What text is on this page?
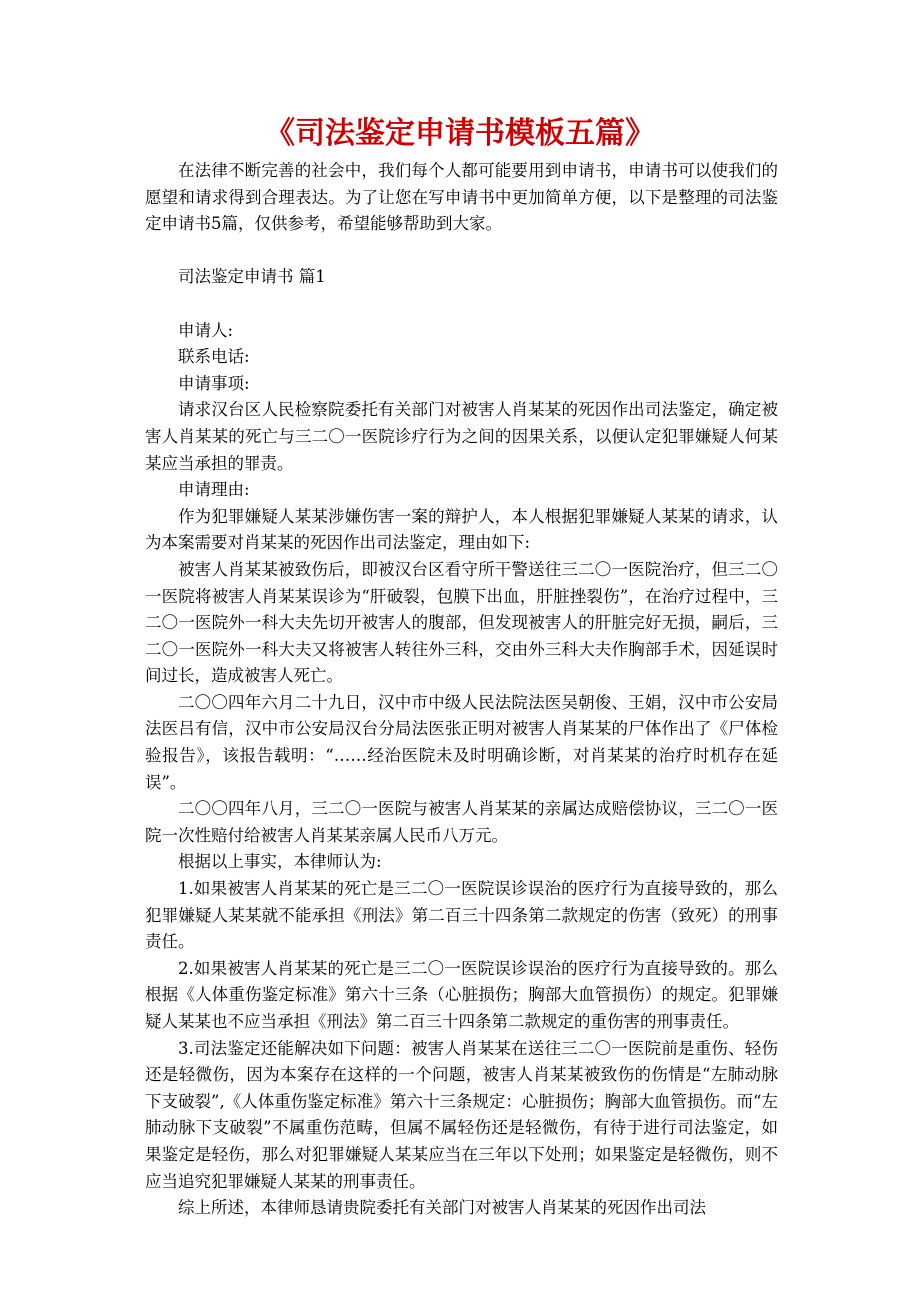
《司法鉴定申请书模板五篇》

在法律不断完善的社会中，我们每个人都可能要用到申请书，申请书可以使我们的愿望和请求得到合理表达。为了让您在写申请书中更加简单方便，以下是整理的司法鉴定申请书5篇，仅供参考，希望能够帮助到大家。

司法鉴定申请书 篇1

申请人:

联系电话:

申请事项:

请求汉台区人民检察院委托有关部门对被害人肖某某的死因作出司法鉴定，确定被害人肖某某的死亡与三二〇一医院诊疗行为之间的因果关系，以便认定犯罪嫌疑人何某某应当承担的罪责。

申请理由:

作为犯罪嫌疑人某某涉嫌伤害一案的辩护人，本人根据犯罪嫌疑人某某的请求，认为本案需要对肖某某的死因作出司法鉴定，理由如下:

被害人肖某某被致伤后，即被汉台区看守所干警送往三二〇一医院治疗，但三二〇一医院将被害人肖某某误诊为“肝破裂，包膜下出血，肝脏挫裂伤”，在治疗过程中，三二〇一医院外一科大夫先切开被害人的腹部，但发现被害人的肝脏完好无损，嗣后，三二〇一医院外一科大夫又将被害人转往外三科，交由外三科大夫作胸部手术，因延误时间过长，造成被害人死亡。

二〇〇四年六月二十九日，汉中市中级人民法院法医吴朝俊、王娟，汉中市公安局法医吕有信，汉中市公安局汉台分局法医张正明对被害人肖某某的尸体作出了《尸体检验报告》，该报告载明：“……经治医院未及时明确诊断，对肖某某的治疗时机存在延误”。

二〇〇四年八月，三二〇一医院与被害人肖某某的亲属达成赔偿协议，三二〇一医院一次性赔付给被害人肖某某亲属人民币八万元。

根据以上事实，本律师认为:

1.如果被害人肖某某的死亡是三二〇一医院误诊误治的医疗行为直接导致的，那么犯罪嫌疑人某某就不能承担《刑法》第二百三十四条第二款规定的伤害（致死）的刑事责任。

2.如果被害人肖某某的死亡是三二〇一医院误诊误治的医疗行为直接导致的。那么根据《人体重伤鉴定标准》第六十三条（心脏损伤；胸部大血管损伤）的规定。犯罪嫌疑人某某也不应当承担《刑法》第二百三十四条第二款规定的重伤害的刑事责任。

3.司法鉴定还能解决如下问题：被害人肖某某在送往三二〇一医院前是重伤、轻伤还是轻微伤，因为本案存在这样的一个问题，被害人肖某某被致伤的伤情是“左肺动脉下支破裂”,《人体重伤鉴定标准》第六十三条规定：心脏损伤；胸部大血管损伤。而“左肺动脉下支破裂”不属重伤范畴，但属不属轻伤还是轻微伤，有待于进行司法鉴定，如果鉴定是轻伤，那么对犯罪嫌疑人某某应当在三年以下处刑；如果鉴定是轻微伤，则不应当追究犯罪嫌疑人某某的刑事责任。

综上所述，本律师恳请贵院委托有关部门对被害人肖某某的死因作出司法
